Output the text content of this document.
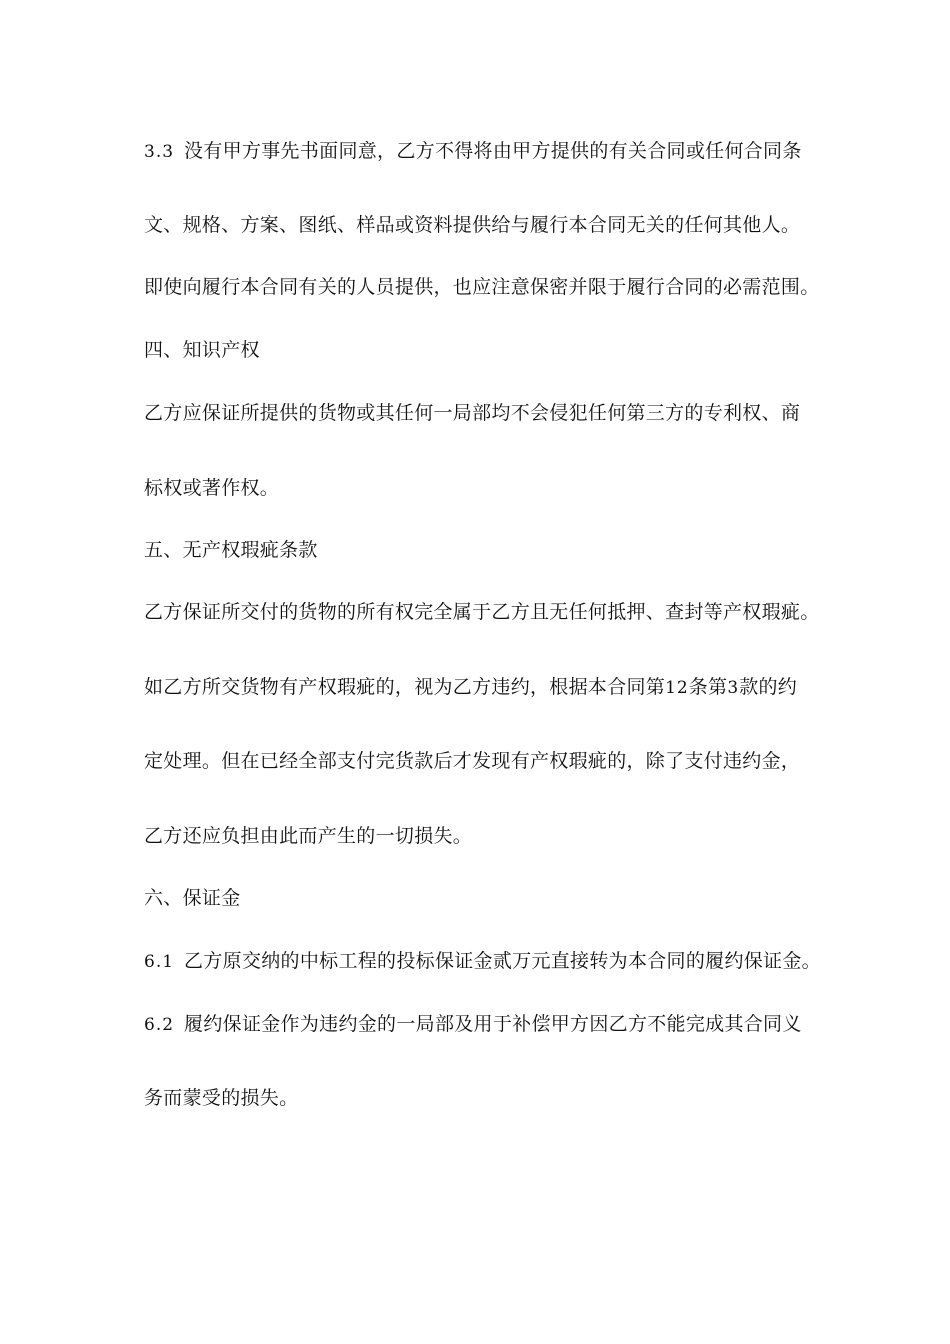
3.3 没有甲方事先书面同意，乙方不得将由甲方提供的有关合同或任何合同条
文、规格、方案、图纸、样品或资料提供给与履行本合同无关的任何其他人。
即使向履行本合同有关的人员提供，也应注意保密并限于履行合同的必需范围。
四、知识产权
乙方应保证所提供的货物或其任何一局部均不会侵犯任何第三方的专利权、商
标权或著作权。
五、无产权瑕疵条款
乙方保证所交付的货物的所有权完全属于乙方且无任何抵押、查封等产权瑕疵。
如乙方所交货物有产权瑕疵的，视为乙方违约，根据本合同第12条第3款的约
定处理。但在已经全部支付完货款后才发现有产权瑕疵的，除了支付违约金，
乙方还应负担由此而产生的一切损失。
六、保证金
6.1 乙方原交纳的中标工程的投标保证金贰万元直接转为本合同的履约保证金。
6.2 履约保证金作为违约金的一局部及用于补偿甲方因乙方不能完成其合同义
务而蒙受的损失。
